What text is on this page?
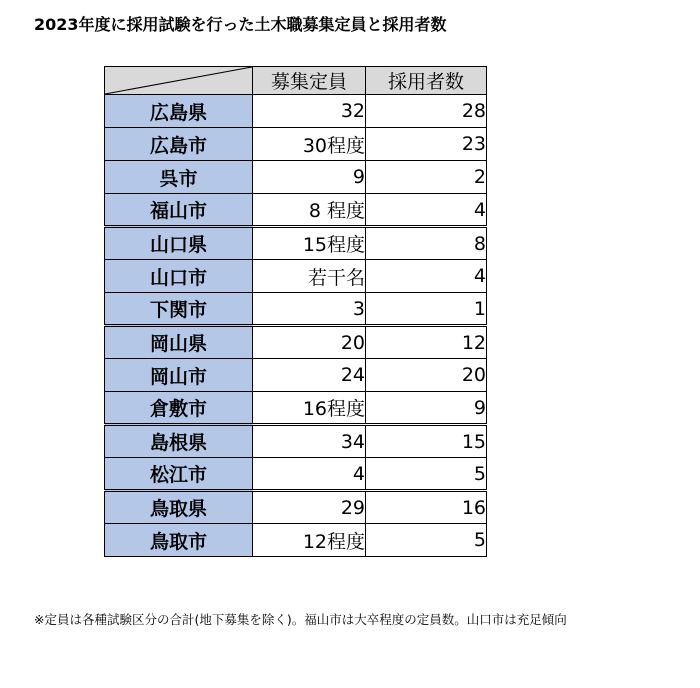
2023年度に採用試験を行った土木職募集定員と採用者数
	募集定員	採用者数
広島県	32	28
広島市	30程度	23
呉市	9	2
福山市	8 程度	4
山口県	15程度	8
山口市	若干名	4
下関市	3	1
岡山県	20	12
岡山市	24	20
倉敷市	16程度	9
島根県	34	15
松江市	4	5
鳥取県	29	16
鳥取市	12程度	5
※定員は各種試験区分の合計(地下募集を除く)。福山市は大卒程度の定員数。山口市は充足傾向
